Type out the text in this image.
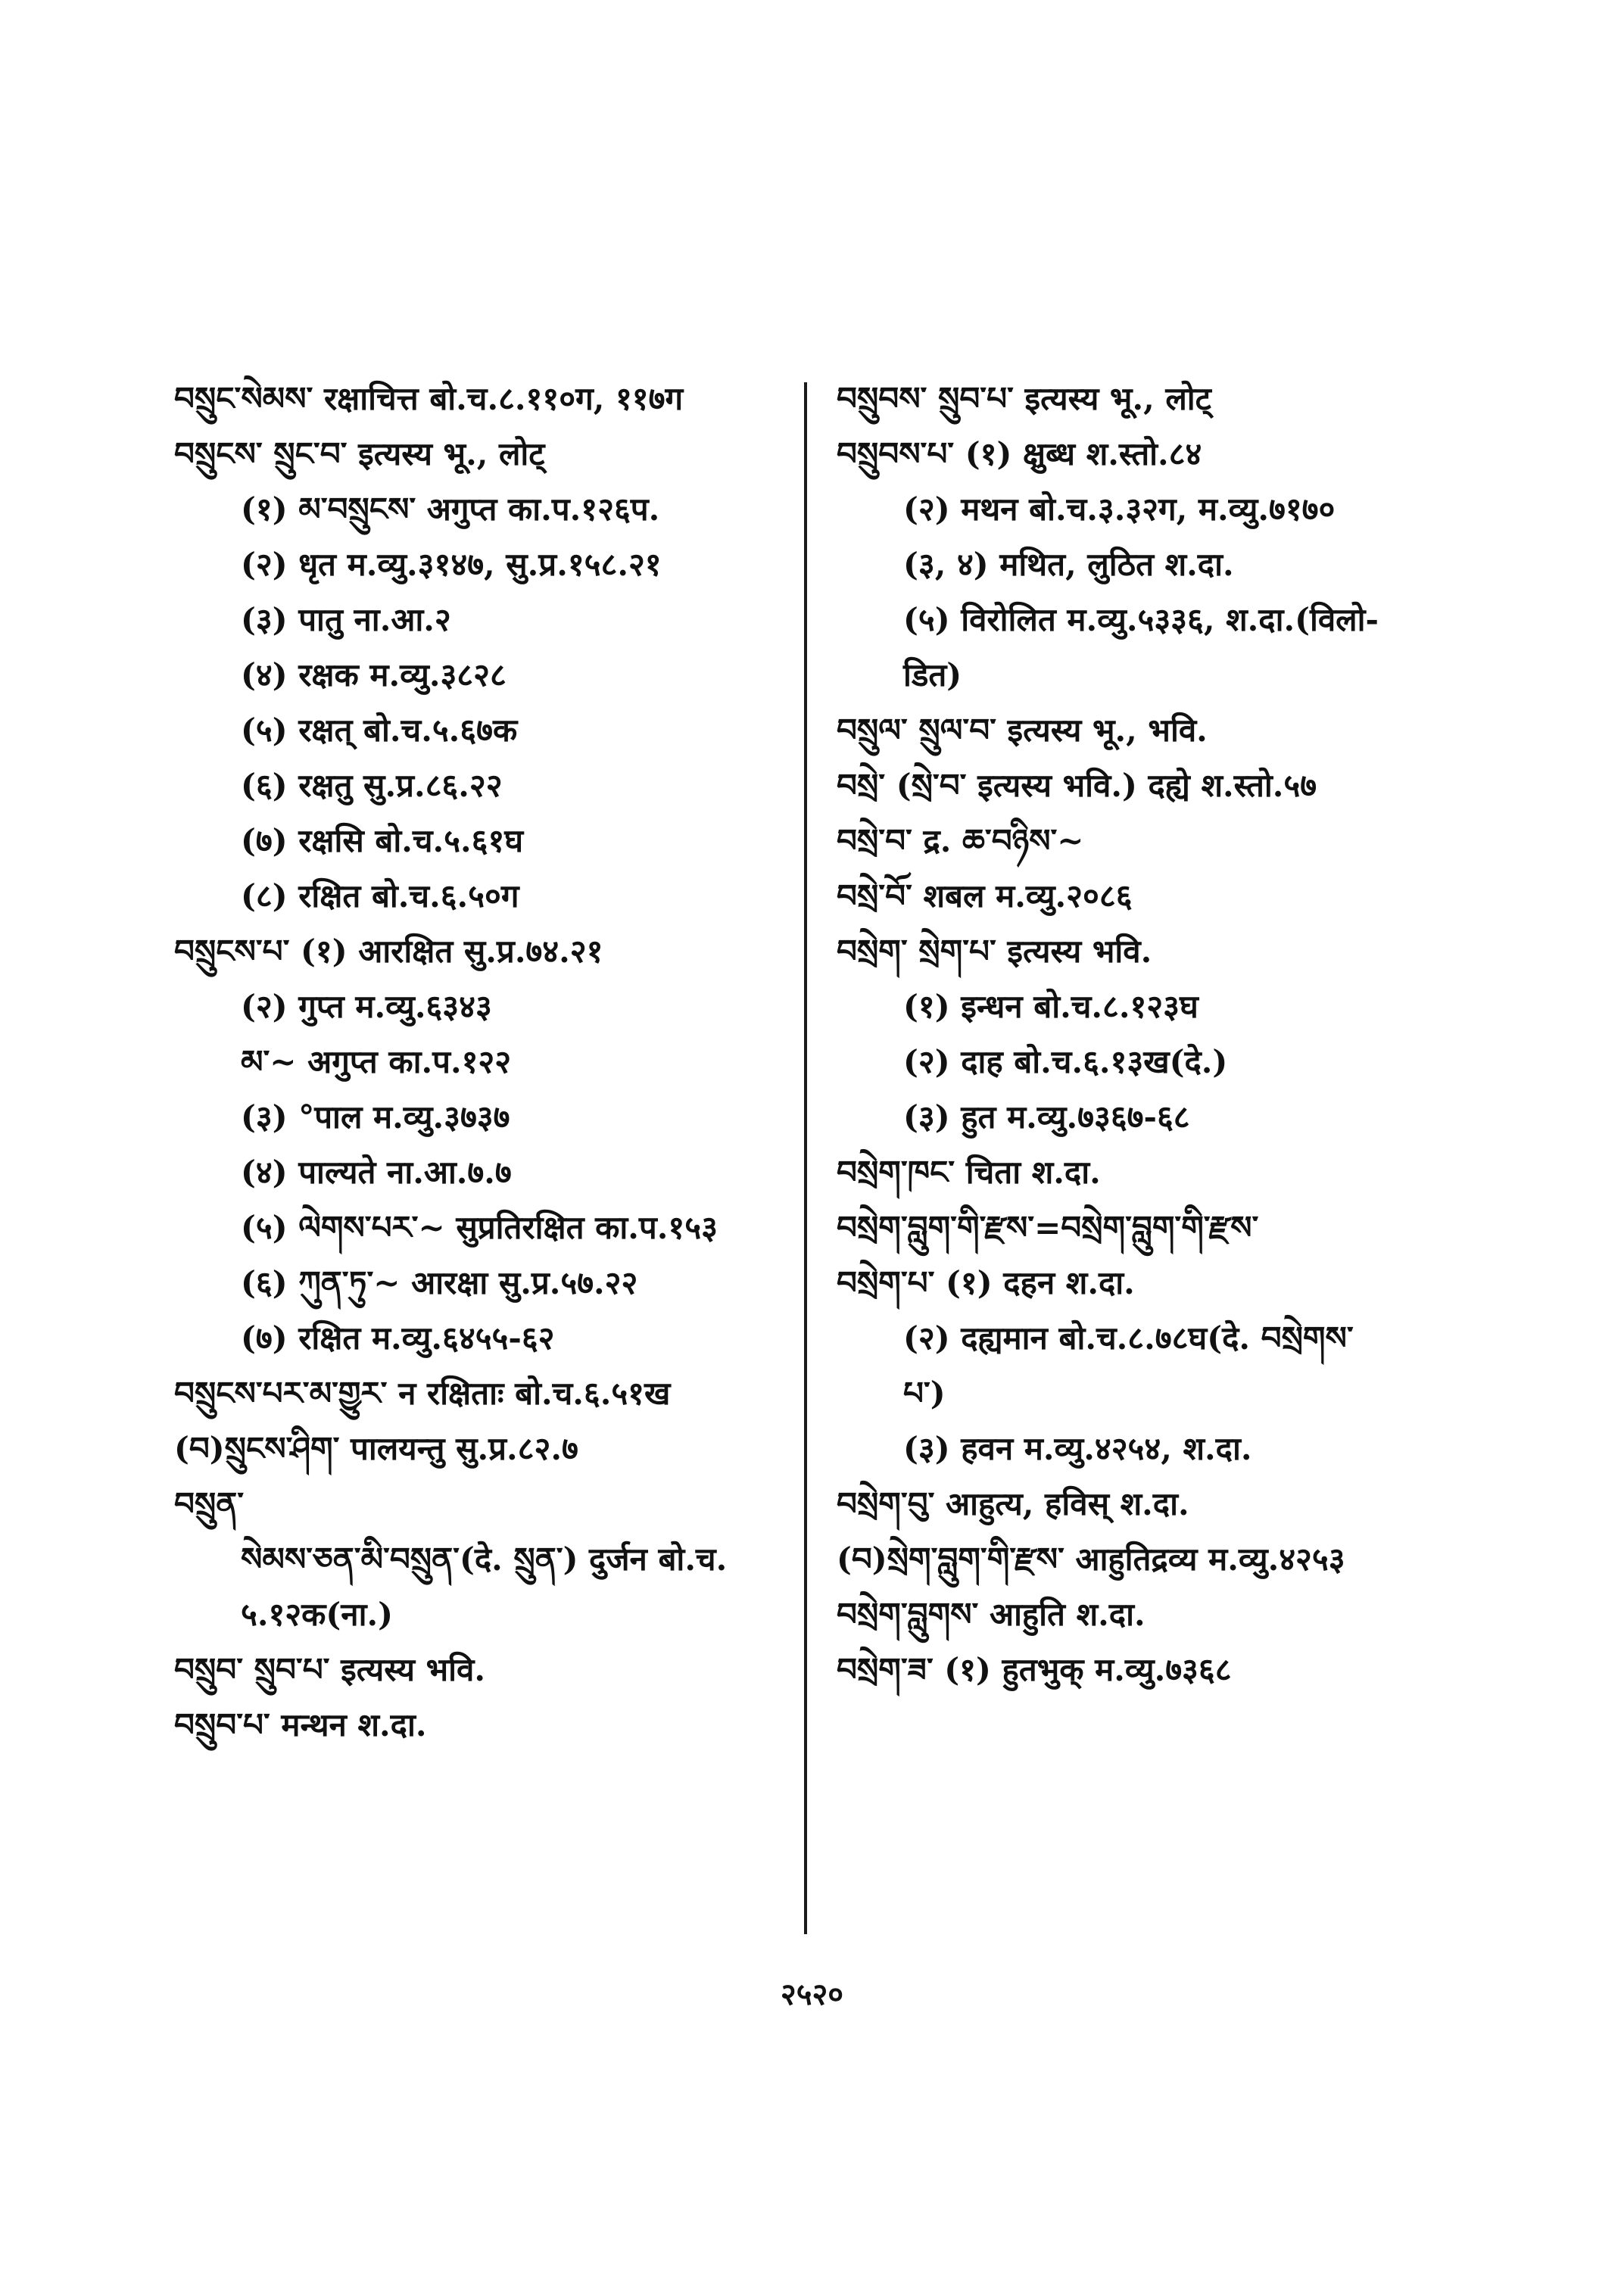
བསྲུང་སེམས་ रक्षाचित्त बो.च.८.११०ग, ११७ग
བསྲུངས་ སྲུང་བ་ इत्यस्य भू., लोट्
(१) མ་བསྲུངས་ अगुप्त का.प.१२६प.
(२) धृत म.व्यु.३१४७, सु.प्र.१५८.२१
(३) पातु ना.आ.२
(४) रक्षक म.व्यु.३८२८
(५) रक्षत् बो.च.५.६७क
(६) रक्षतु सु.प्र.८६.२२
(७) रक्षसि बो.च.५.६१घ
(८) रक्षित बो.च.६.५०ग
བསྲུངས་པ་ (१) आरक्षित सु.प्र.७४.२१
(२) गुप्त म.व्यु.६३४३
མ་~ अगुप्त का.प.१२२
(३) °पाल म.व्यु.३७३७
(४) पाल्यते ना.आ.७.७
(५) ལེགས་པར་~ सुप्रतिरक्षित का.प.१५३
(६) ཀུན་ཏུ་~ आरक्षा सु.प्र.५७.२२
(७) रक्षित म.व्यु.६४५५-६२
བསྲུངས་པར་མ་གྱུར་ न रक्षिताः बो.च.६.५१ख
(བ)སྲུངས་ཤིག་ पालयन्तु सु.प्र.८२.७
བསྲུན་
སེམས་ཅན་མི་བསྲུན་(दे. སྲུན་) दुर्जन बो.च.
५.१२क(ना.)
བསྲུབ་ སྲུབ་པ་ इत्यस्य भवि.
བསྲུབ་པ་ मन्थन श.दा.
བསྲུབས་ སྲུབ་པ་ इत्यस्य भू., लोट्
བསྲུབས་པ་ (१) क्षुब्ध श.स्तो.८४
(२) मथन बो.च.३.३२ग, म.व्यु.७१७०
(३, ४) मथित, लुठित श.दा.
(५) विरोलित म.व्यु.५३३६, श.दा.(विलो-
डित)
བསྲུལ་ སྲུལ་བ་ इत्यस्य भू., भवि.
བསྲེ་ (སྲེ་བ་ इत्यस्य भवि.) दह्ये श.स्तो.५७
བསྲེ་བ་ द्र. ཆ་བཉིས་~
བསྲེ་བོ་ शबल म.व्यु.२०८६
བསྲེག་ སྲེག་པ་ इत्यस्य भवि.
(१) इन्धन बो.च.८.१२३घ
(२) दाह बो.च.६.१३ख(दे.)
(३) हुत म.व्यु.७३६७-६८
བསྲེག་ཁང་ चिता श.दा.
བསྲེག་བླུག་གི་རྫས་=བསྲེག་བླུག་གི་རྫས་
བསྲེག་པ་ (१) दहन श.दा.
(२) दह्यमान बो.च.८.७८घ(दे. བསྲེགས་
པ་)
(३) हवन म.व्यु.४२५४, श.दा.
བསྲེག་བུ་ आहुत्य, हविस् श.दा.
(བ)སྲེག་བླུག་གི་རྫས་ आहुतिद्रव्य म.व्यु.४२५३
བསྲེག་བླུགས་ आहुति श.दा.
བསྲེག་ཟ་ (१) हुतभुक् म.व्यु.७३६८
२५२०
